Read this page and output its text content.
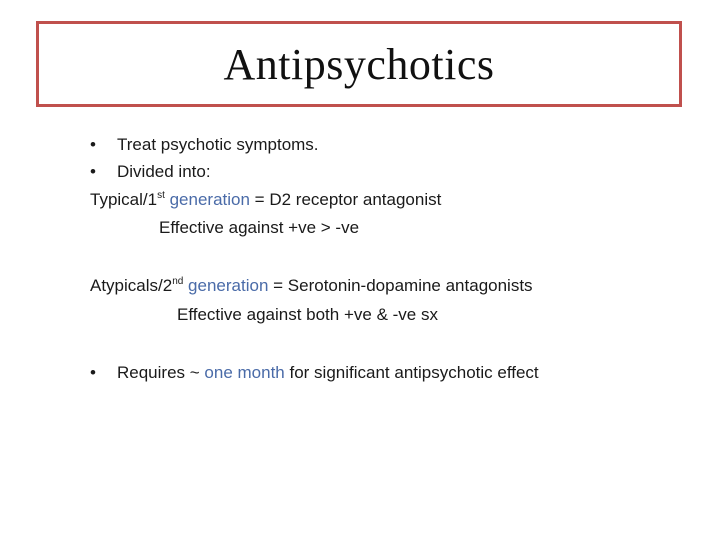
Antipsychotics
• Treat psychotic symptoms.
• Divided into:
Typical/1st generation = D2 receptor antagonist
Effective against +ve > -ve
Atypicals/2nd generation = Serotonin-dopamine antagonists
Effective against both +ve & -ve sx
• Requires ~ one month for significant antipsychotic effect
